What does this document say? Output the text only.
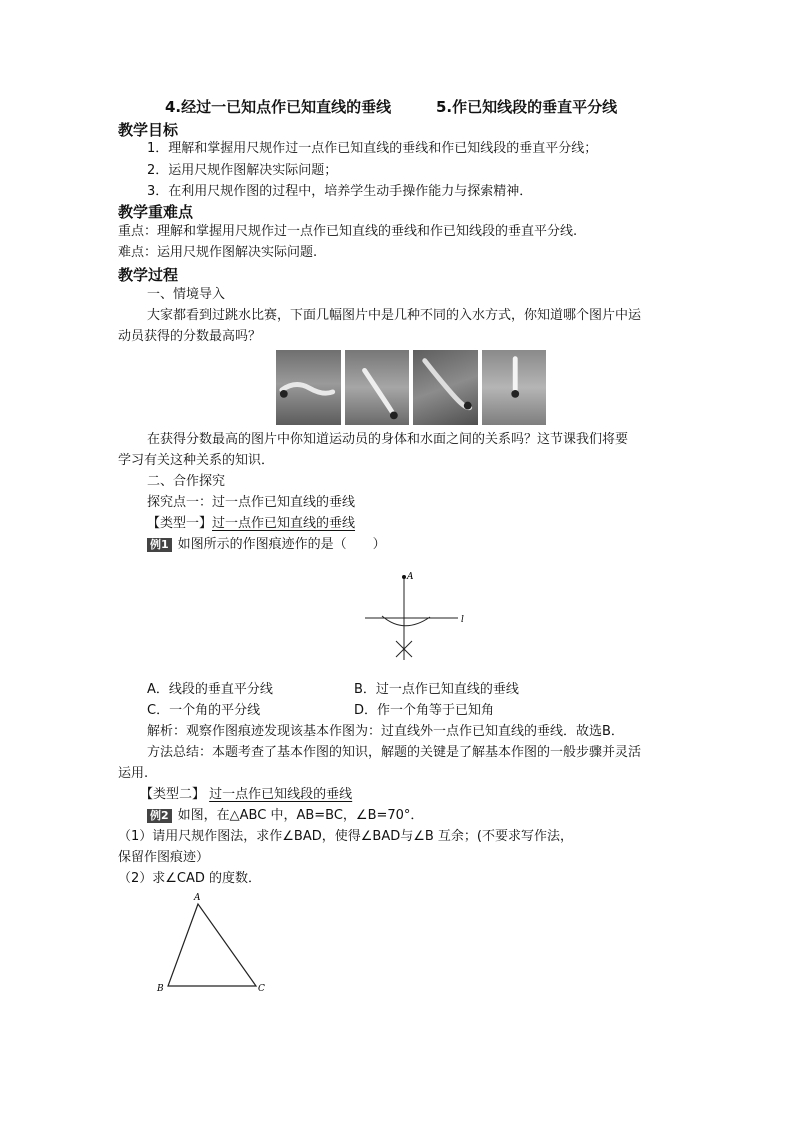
4.经过一已知点作已知直线的垂线	5.作已知线段的垂直平分线
教学目标
1．理解和掌握用尺规作过一点作已知直线的垂线和作已知线段的垂直平分线；
2．运用尺规作图解决实际问题；
3．在利用尺规作图的过程中，培养学生动手操作能力与探索精神．
教学重难点
重点：理解和掌握用尺规作过一点作已知直线的垂线和作已知线段的垂直平分线.
难点：运用尺规作图解决实际问题.
教学过程
一、情境导入
大家都看到过跳水比赛，下面几幅图片中是几种不同的入水方式，你知道哪个图片中运
动员获得的分数最高吗？
在获得分数最高的图片中你知道运动员的身体和水面之间的关系吗？这节课我们将要
学习有关这种关系的知识．
二、合作探究
探究点一：过一点作已知直线的垂线
【类型一】过一点作已知直线的垂线
例1 如图所示的作图痕迹作的是（　　）
A
l
A．线段的垂直平分线	B．过一点作已知直线的垂线
C．一个角的平分线	D．作一个角等于已知角
解析：观察作图痕迹发现该基本作图为：过直线外一点作已知直线的垂线．故选B．
方法总结：本题考查了基本作图的知识，解题的关键是了解基本作图的一般步骤并灵活
运用.
【类型二】 过一点作已知线段的垂线
例2 如图，在△ABC 中，AB=BC，∠B=70°．
（1）请用尺规作图法，求作∠BAD，使得∠BAD与∠B 互余；(不要求写作法，
保留作图痕迹）
（2）求∠CAD 的度数．
A
B	C
